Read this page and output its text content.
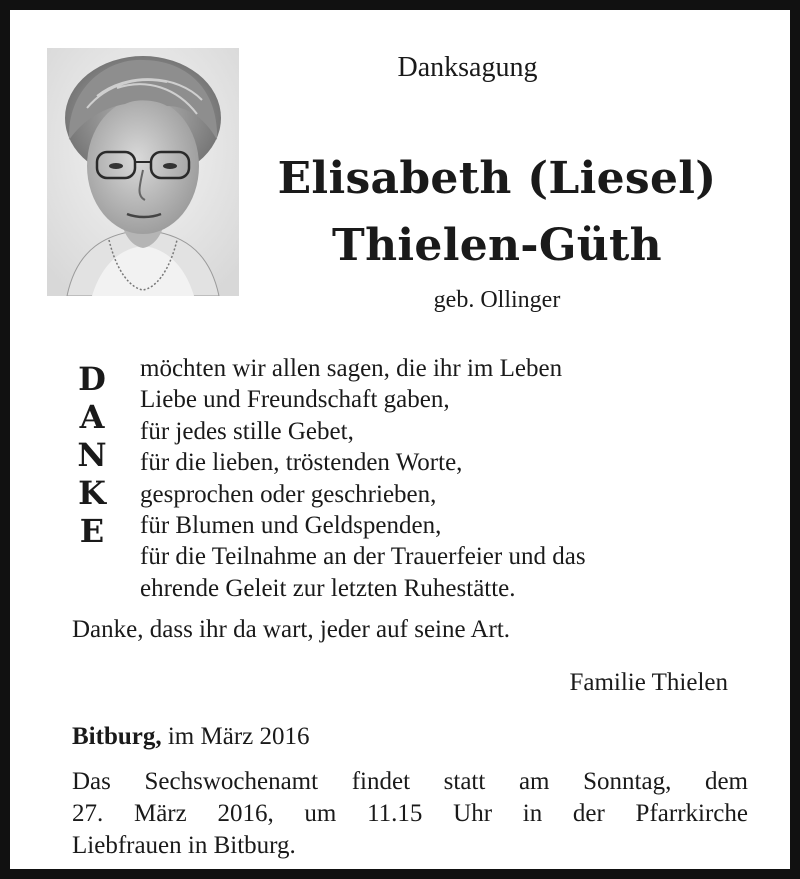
Danksagung
Elisabeth (Liesel)
Thielen-Güth
geb. Ollinger
D
A
N
K
E
möchten wir allen sagen, die ihr im Leben
Liebe und Freundschaft gaben,
für jedes stille Gebet,
für die lieben, tröstenden Worte,
gesprochen oder geschrieben,
für Blumen und Geldspenden,
für die Teilnahme an der Trauerfeier und das
ehrende Geleit zur letzten Ruhestätte.
Danke, dass ihr da wart, jeder auf seine Art.
Familie Thielen
Bitburg, im März 2016
Das Sechswochenamt findet statt am Sonntag, dem
27. März 2016, um 11.15 Uhr in der Pfarrkirche
Liebfrauen in Bitburg.
